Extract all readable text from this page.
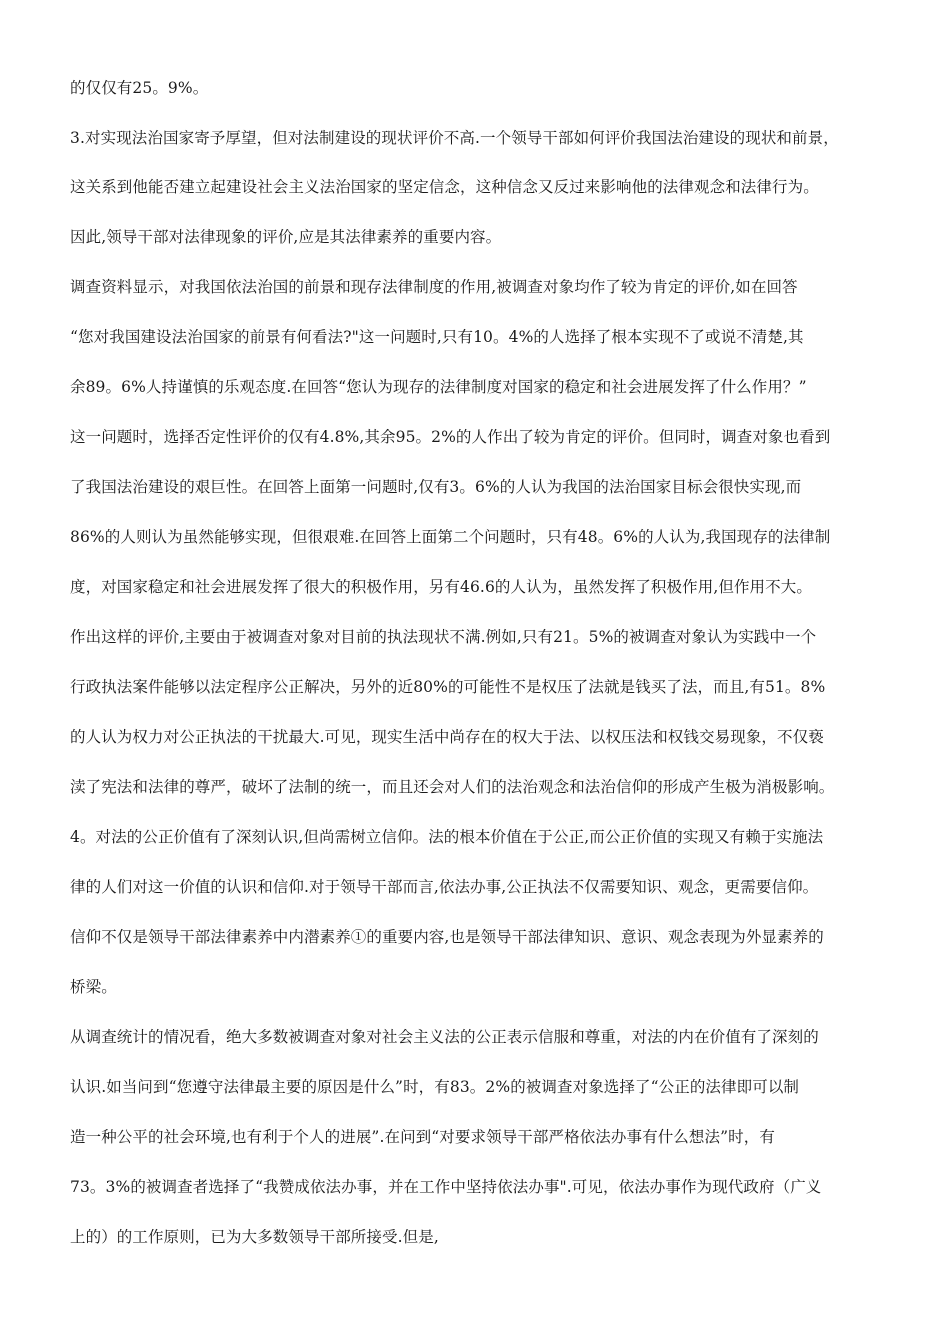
的仅仅有25。9%。
3.对实现法治国家寄予厚望，但对法制建设的现状评价不高.一个领导干部如何评价我国法治建设的现状和前景，
这关系到他能否建立起建设社会主义法治国家的坚定信念，这种信念又反过来影响他的法律观念和法律行为。
因此,领导干部对法律现象的评价,应是其法律素养的重要内容。
调查资料显示，对我国依法治国的前景和现存法律制度的作用,被调查对象均作了较为肯定的评价,如在回答
“您对我国建设法治国家的前景有何看法?"这一问题时,只有10。4%的人选择了根本实现不了或说不清楚,其
余89。6%人持谨慎的乐观态度.在回答“您认为现存的法律制度对国家的稳定和社会进展发挥了什么作用？”
这一问题时，选择否定性评价的仅有4.8%,其余95。2%的人作出了较为肯定的评价。但同时，调查对象也看到
了我国法治建设的艰巨性。在回答上面第一问题时,仅有3。6%的人认为我国的法治国家目标会很快实现,而
86%的人则认为虽然能够实现，但很艰难.在回答上面第二个问题时，只有48。6%的人认为,我国现存的法律制
度，对国家稳定和社会进展发挥了很大的积极作用，另有46.6的人认为，虽然发挥了积极作用,但作用不大。
作出这样的评价,主要由于被调查对象对目前的执法现状不满.例如,只有21。5%的被调查对象认为实践中一个
行政执法案件能够以法定程序公正解决，另外的近80%的可能性不是权压了法就是钱买了法，而且,有51。8%
的人认为权力对公正执法的干扰最大.可见，现实生活中尚存在的权大于法、以权压法和权钱交易现象，不仅亵
渎了宪法和法律的尊严，破坏了法制的统一，而且还会对人们的法治观念和法治信仰的形成产生极为消极影响。
4。对法的公正价值有了深刻认识,但尚需树立信仰。法的根本价值在于公正,而公正价值的实现又有赖于实施法
律的人们对这一价值的认识和信仰.对于领导干部而言,依法办事,公正执法不仅需要知识、观念，更需要信仰。
信仰不仅是领导干部法律素养中内潜素养①的重要内容,也是领导干部法律知识、意识、观念表现为外显素养的
桥梁。
从调查统计的情况看，绝大多数被调查对象对社会主义法的公正表示信服和尊重，对法的内在价值有了深刻的
认识.如当问到“您遵守法律最主要的原因是什么”时，有83。2%的被调查对象选择了“公正的法律即可以制
造一种公平的社会环境,也有利于个人的进展”.在问到“对要求领导干部严格依法办事有什么想法”时，有
73。3%的被调查者选择了“我赞成依法办事，并在工作中坚持依法办事".可见，依法办事作为现代政府（广义
上的）的工作原则，已为大多数领导干部所接受.但是,
